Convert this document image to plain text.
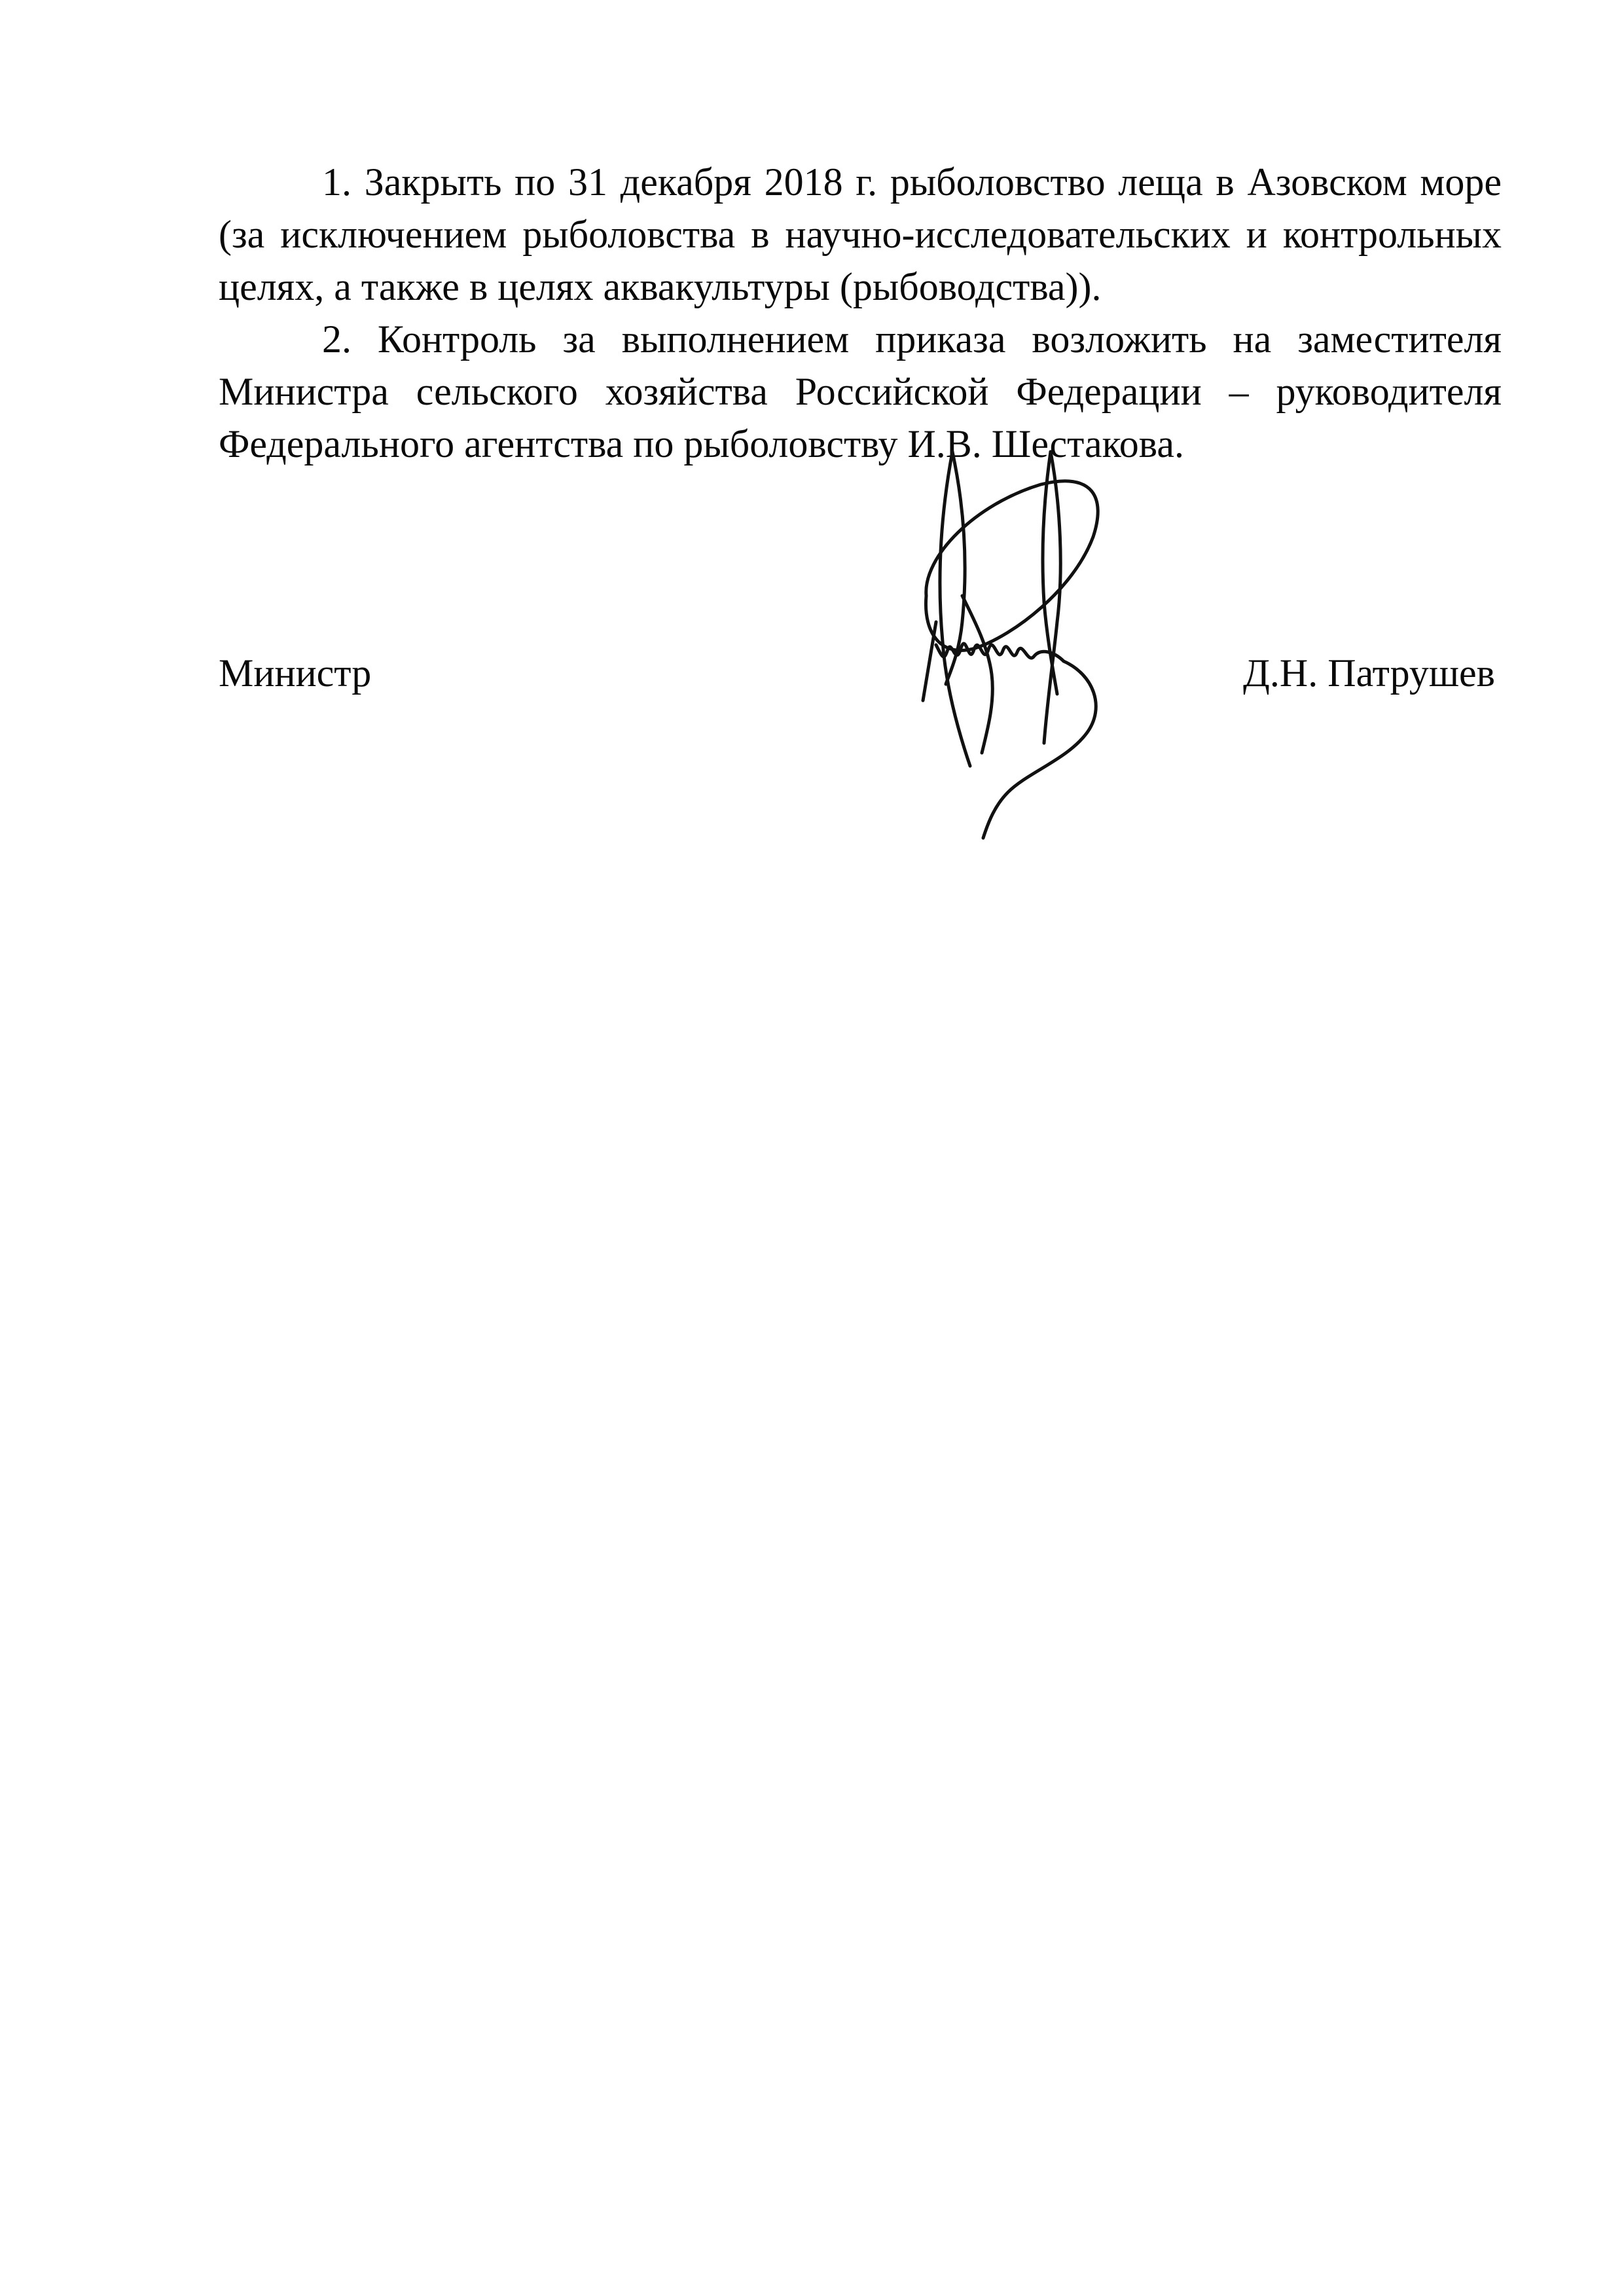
1. Закрыть по 31 декабря 2018 г. рыболовство леща в Азовском море (за исключением рыболовства в научно-исследовательских и контрольных целях, а также в целях аквакультуры (рыбоводства)).

2. Контроль за выполнением приказа возложить на заместителя Министра сельского хозяйства Российской Федерации – руководителя Федерального агентства по рыболовству И.В. Шестакова.

Министр	Д.Н. Патрушев
